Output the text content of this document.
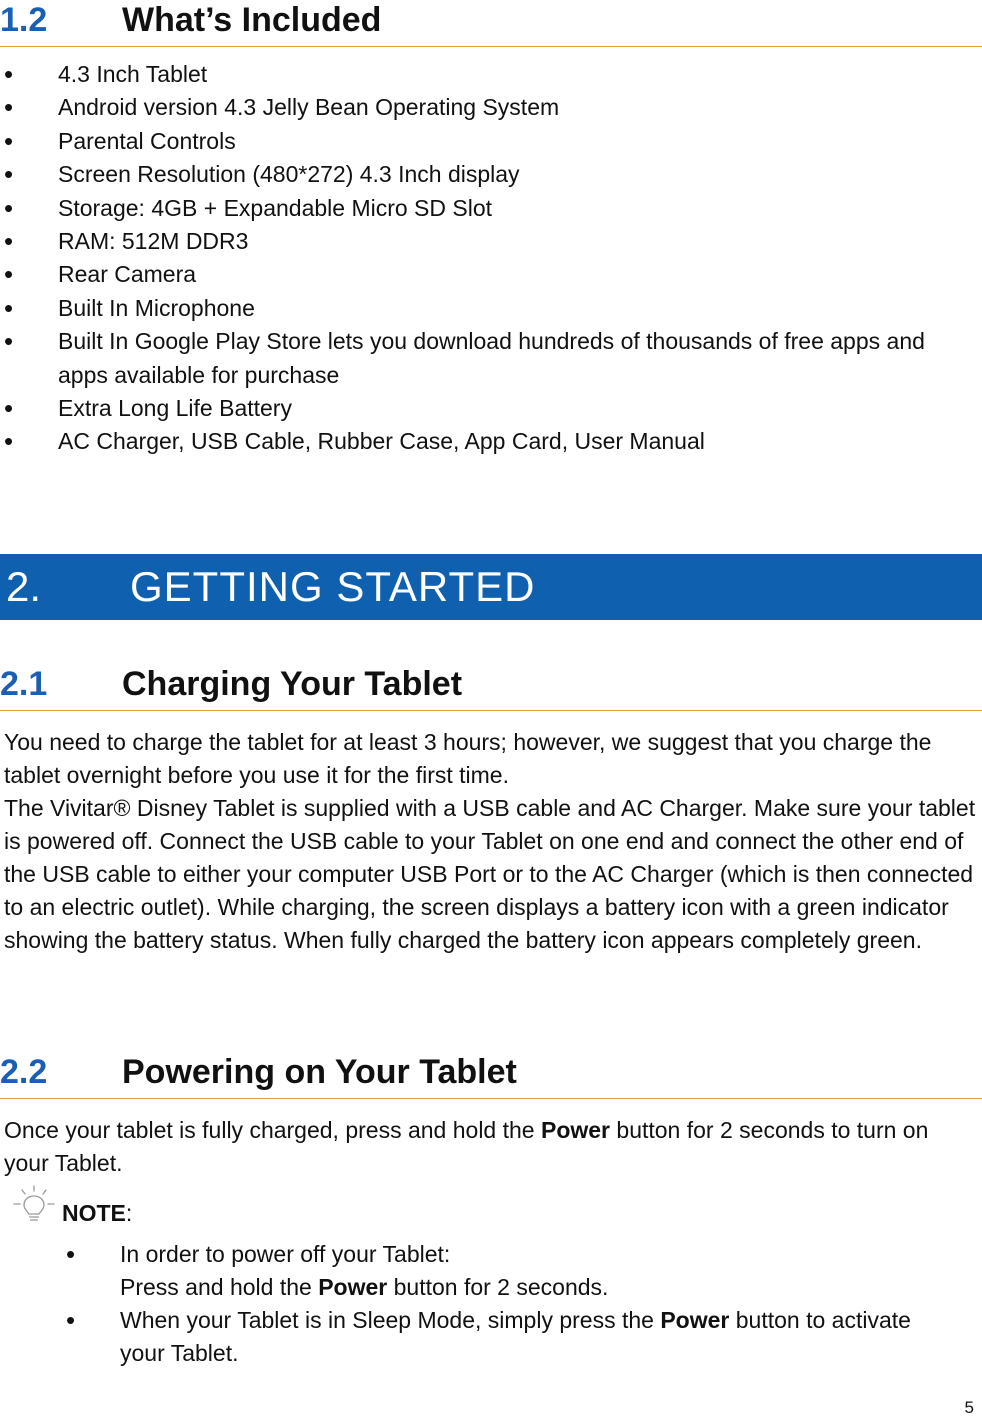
1.2 What’s Included
• 4.3 Inch Tablet
• Android version 4.3 Jelly Bean Operating System
• Parental Controls
• Screen Resolution (480*272) 4.3 Inch display
• Storage: 4GB + Expandable Micro SD Slot
• RAM: 512M DDR3
• Rear Camera
• Built In Microphone
• Built In Google Play Store lets you download hundreds of thousands of free apps and apps available for purchase
• Extra Long Life Battery
• AC Charger, USB Cable, Rubber Case, App Card, User Manual
2. GETTING STARTED
2.1 Charging Your Tablet

You need to charge the tablet for at least 3 hours; however, we suggest that you charge the tablet overnight before you use it for the first time.

The Vivitar® Disney Tablet is supplied with a USB cable and AC Charger. Make sure your tablet is powered off. Connect the USB cable to your Tablet on one end and connect the other end of the USB cable to either your computer USB Port or to the AC Charger (which is then connected to an electric outlet). While charging, the screen displays a battery icon with a green indicator showing the battery status. When fully charged the battery icon appears completely green.

2.2 Powering on Your Tablet

Once your tablet is fully charged, press and hold the Power button for 2 seconds to turn on your Tablet.

NOTE:
• In order to power off your Tablet:
Press and hold the Power button for 2 seconds.
• When your Tablet is in Sleep Mode, simply press the Power button to activate your Tablet.
5
